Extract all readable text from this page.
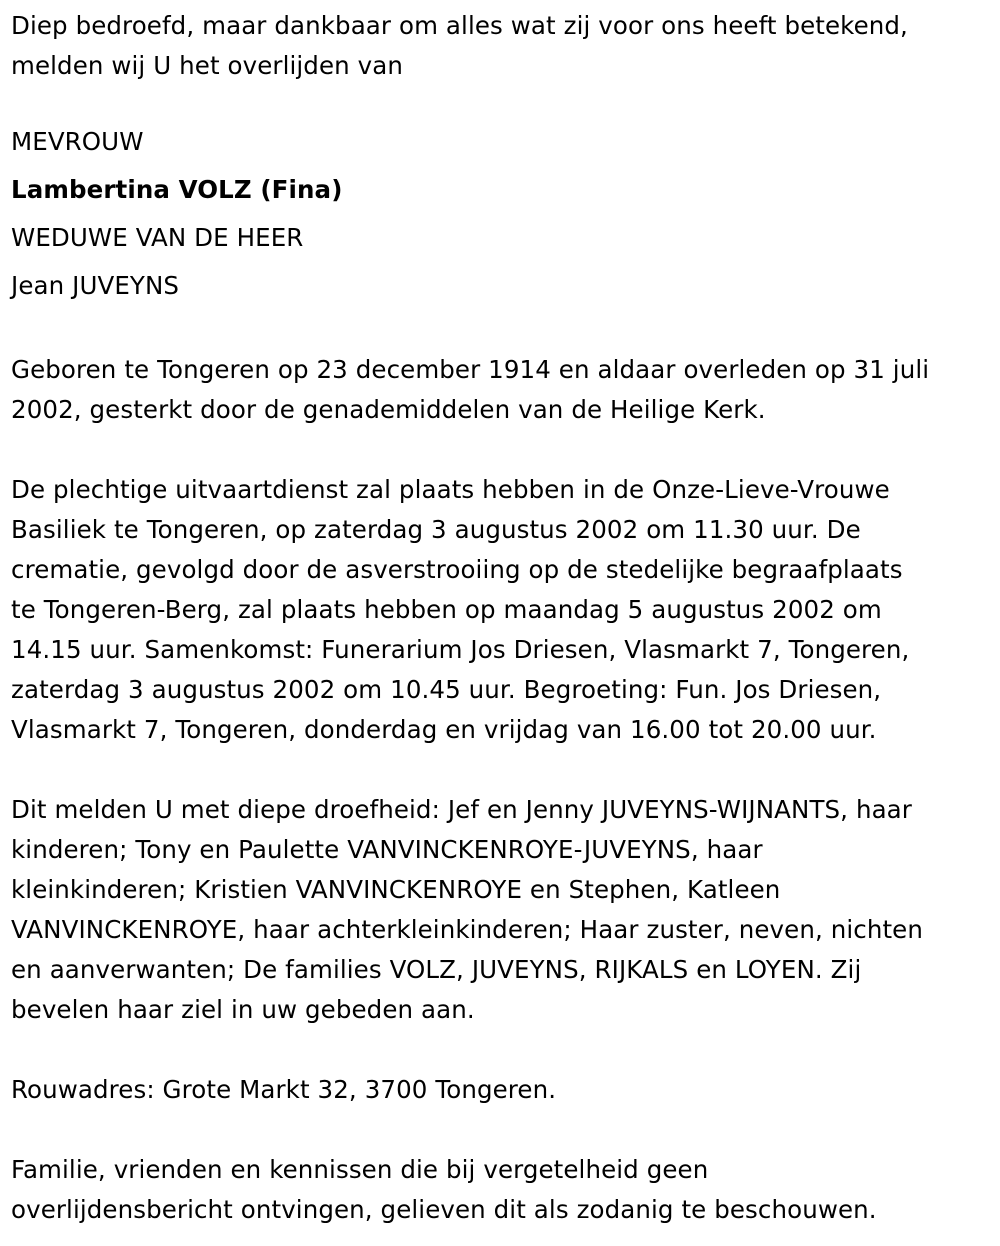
Diep bedroefd, maar dankbaar om alles wat zij voor ons heeft betekend,

melden wij U het overlijden van

MEVROUW

Lambertina VOLZ (Fina)

WEDUWE VAN DE HEER

Jean JUVEYNS

Geboren te Tongeren op 23 december 1914 en aldaar overleden op 31 juli

2002, gesterkt door de genademiddelen van de Heilige Kerk.

De plechtige uitvaartdienst zal plaats hebben in de Onze-Lieve-Vrouwe

Basiliek te Tongeren, op zaterdag 3 augustus 2002 om 11.30 uur. De

crematie, gevolgd door de asverstrooiing op de stedelijke begraafplaats

te Tongeren-Berg, zal plaats hebben op maandag 5 augustus 2002 om

14.15 uur. Samenkomst: Funerarium Jos Driesen, Vlasmarkt 7, Tongeren,

zaterdag 3 augustus 2002 om 10.45 uur. Begroeting: Fun. Jos Driesen,

Vlasmarkt 7, Tongeren, donderdag en vrijdag van 16.00 tot 20.00 uur.

Dit melden U met diepe droefheid: Jef en Jenny JUVEYNS-WIJNANTS, haar

kinderen; Tony en Paulette VANVINCKENROYE-JUVEYNS, haar

kleinkinderen; Kristien VANVINCKENROYE en Stephen, Katleen

VANVINCKENROYE, haar achterkleinkinderen; Haar zuster, neven, nichten

en aanverwanten; De families VOLZ, JUVEYNS, RIJKALS en LOYEN. Zij

bevelen haar ziel in uw gebeden aan.

Rouwadres: Grote Markt 32, 3700 Tongeren.

Familie, vrienden en kennissen die bij vergetelheid geen

overlijdensbericht ontvingen, gelieven dit als zodanig te beschouwen.
